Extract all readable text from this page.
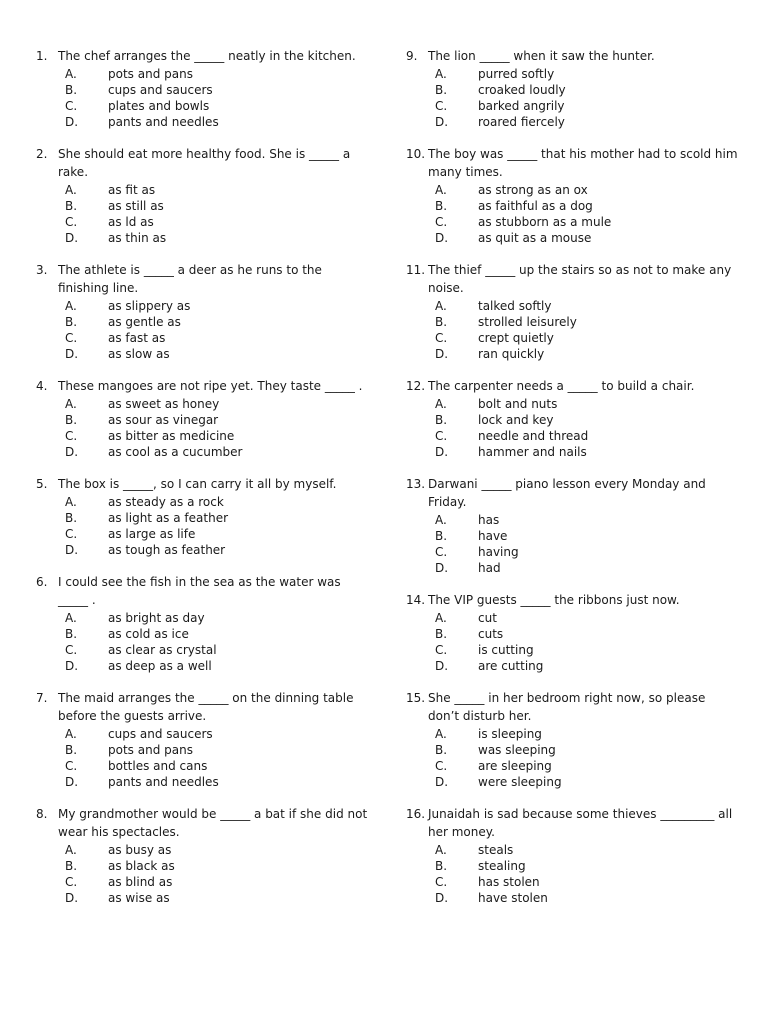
1. The chef arranges the _____ neatly in the kitchen.
A.	pots and pans
B.	cups and saucers
C.	plates and bowls
D.	pants and needles
2. She should eat more healthy food. She is _____ a rake.
A.	as fit as
B.	as still as
C.	as ld as
D.	as thin as
3. The athlete is _____ a deer as he runs to the finishing line.
A.	as slippery as
B.	as gentle as
C.	as fast as
D.	as slow as
4. These mangoes are not ripe yet. They taste _____ .
A.	as sweet as honey
B.	as sour as vinegar
C.	as bitter as medicine
D.	as cool as a cucumber
5. The box is _____, so I can carry it all by myself.
A.	as steady as a rock
B.	as light as a feather
C.	as large as life
D.	as tough as feather
6. I could see the fish in the sea as the water was _____ .
A.	as bright as day
B.	as cold as ice
C.	as clear as crystal
D.	as deep as a well
7. The maid arranges the _____ on the dinning table before the guests arrive.
A.	cups and saucers
B.	pots and pans
C.	bottles and cans
D.	pants and needles
8. My grandmother would be _____ a bat if she did not wear his spectacles.
A.	as busy as
B.	as black as
C.	as blind as
D.	as wise as
9. The lion _____ when it saw the hunter.
A.	purred softly
B.	croaked loudly
C.	barked angrily
D.	roared fiercely
10. The boy was _____ that his mother had to scold him many times.
A.	as strong as an ox
B.	as faithful as a dog
C.	as stubborn as a mule
D.	as quit as a mouse
11. The thief _____ up the stairs so as not to make any noise.
A.	talked softly
B.	strolled leisurely
C.	crept quietly
D.	ran quickly
12. The carpenter needs a _____ to build a chair.
A.	bolt and nuts
B.	lock and key
C.	needle and thread
D.	hammer and nails
13. Darwani _____ piano lesson every Monday and Friday.
A.	has
B.	have
C.	having
D.	had
14. The VIP guests _____ the ribbons just now.
A.	cut
B.	cuts
C.	is cutting
D.	are cutting
15. She _____ in her bedroom right now, so please don’t disturb her.
A.	is sleeping
B.	was sleeping
C.	are sleeping
D.	were sleeping
16. Junaidah is sad because some thieves _________ all her money.
A.	steals
B.	stealing
C.	has stolen
D.	have stolen
